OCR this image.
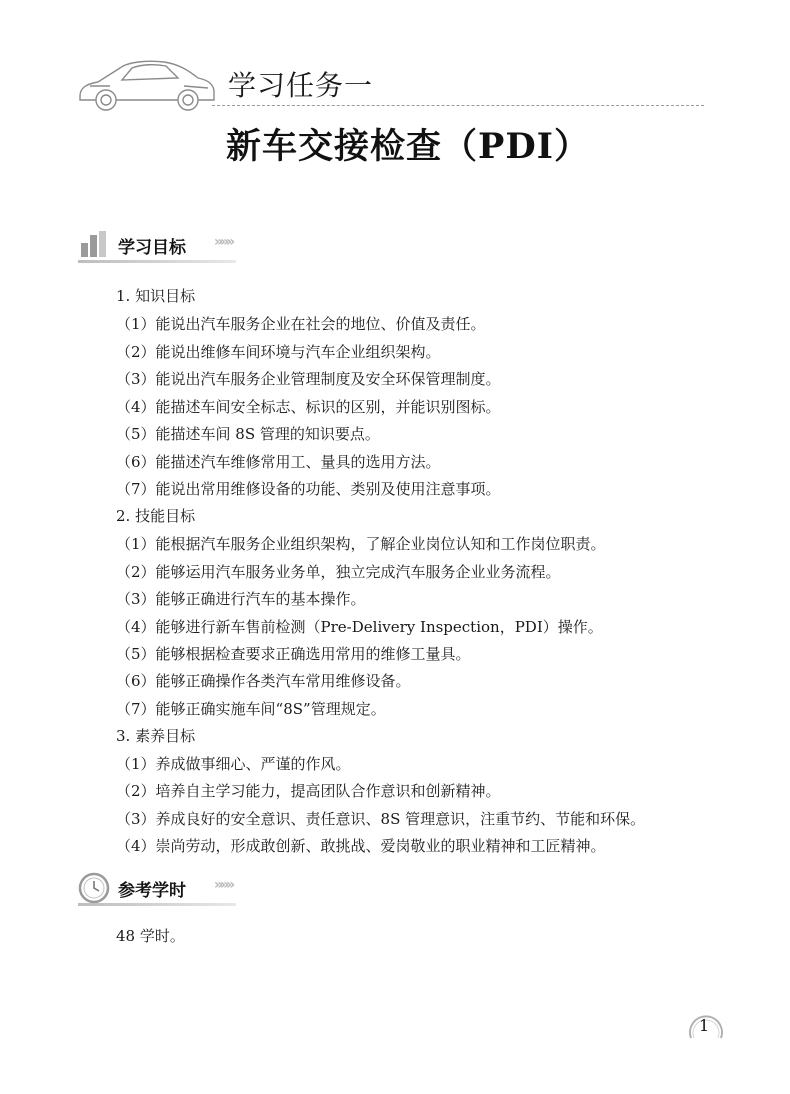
学习任务一
新车交接检查（PDI）
学习目标 »»»
1. 知识目标
（1）能说出汽车服务企业在社会的地位、价值及责任。
（2）能说出维修车间环境与汽车企业组织架构。
（3）能说出汽车服务企业管理制度及安全环保管理制度。
（4）能描述车间安全标志、标识的区别，并能识别图标。
（5）能描述车间 8S 管理的知识要点。
（6）能描述汽车维修常用工、量具的选用方法。
（7）能说出常用维修设备的功能、类别及使用注意事项。
2. 技能目标
（1）能根据汽车服务企业组织架构，了解企业岗位认知和工作岗位职责。
（2）能够运用汽车服务业务单，独立完成汽车服务企业业务流程。
（3）能够正确进行汽车的基本操作。
（4）能够进行新车售前检测（Pre-Delivery Inspection，PDI）操作。
（5）能够根据检查要求正确选用常用的维修工量具。
（6）能够正确操作各类汽车常用维修设备。
（7）能够正确实施车间“8S”管理规定。
3. 素养目标
（1）养成做事细心、严谨的作风。
（2）培养自主学习能力，提高团队合作意识和创新精神。
（3）养成良好的安全意识、责任意识、8S 管理意识，注重节约、节能和环保。
（4）崇尚劳动，形成敢创新、敢挑战、爱岗敬业的职业精神和工匠精神。
参考学时 »»»
48 学时。
1
